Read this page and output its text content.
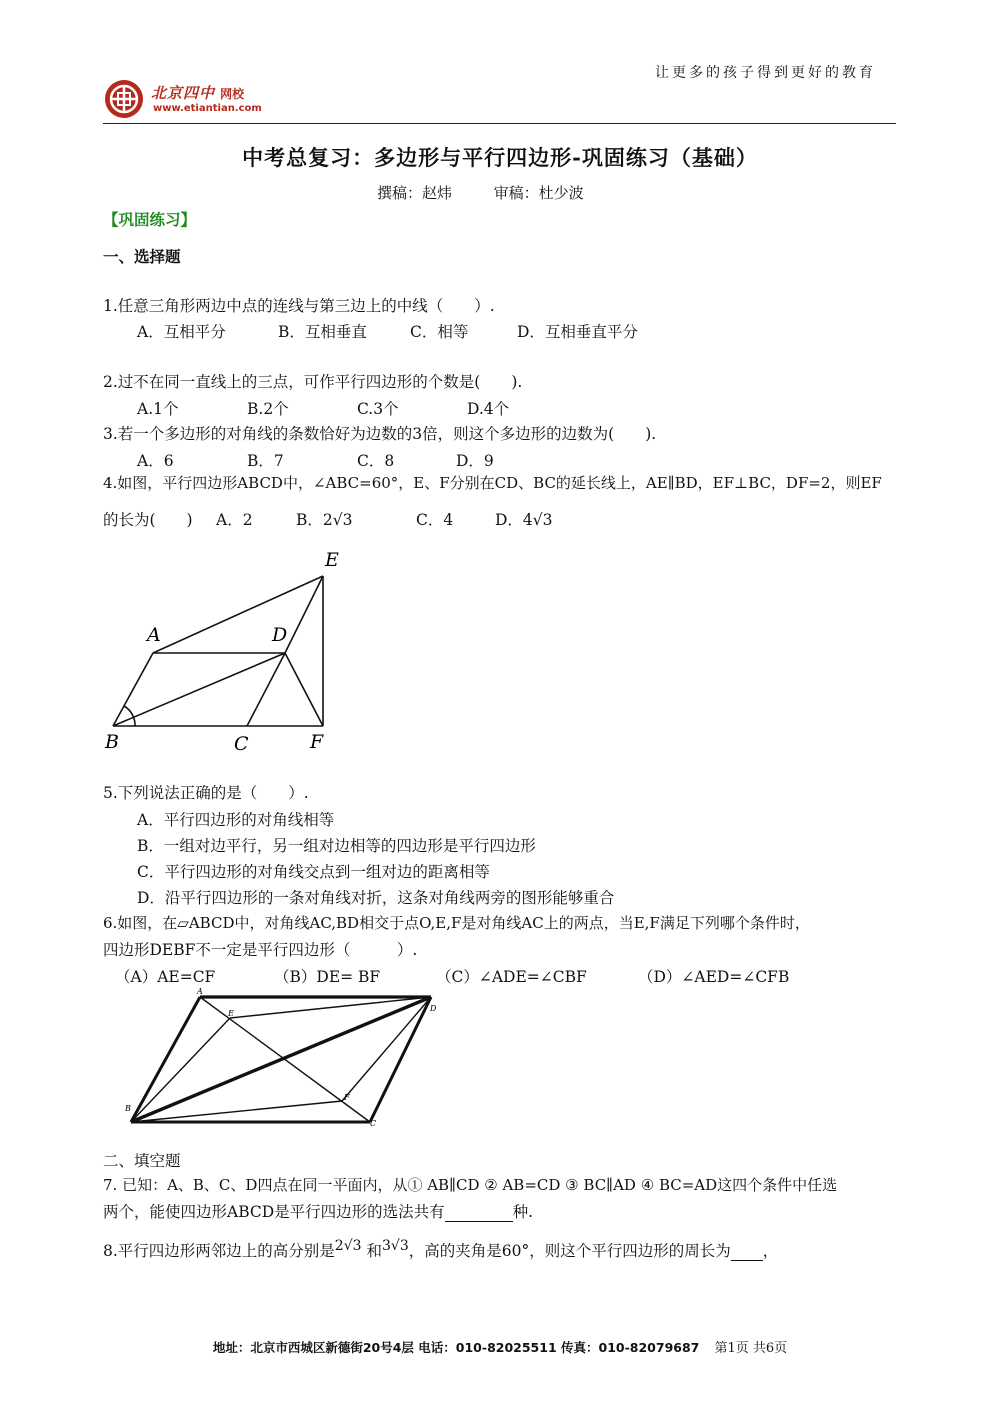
让更多的孩子得到更好的教育
北京四中 网校
www.etiantian.com
中考总复习：多边形与平行四边形-巩固练习（基础）
撰稿：赵炜	审稿：杜少波
【巩固练习】
一、选择题
1.任意三角形两边中点的连线与第三边上的中线（　　）.
A．互相平分	B．互相垂直	C．相等	D．互相垂直平分
2.过不在同一直线上的三点，可作平行四边形的个数是(　　).
A.1个	B.2个	C.3个	D.4个
3.若一个多边形的对角线的条数恰好为边数的3倍，则这个多边形的边数为(　　).
A．6	B．7	C．8	D．9
4.如图，平行四边形ABCD中，∠ABC=60°，E、F分别在CD、BC的延长线上，AE∥BD，EF⊥BC，DF=2，则EF
的长为(　　) A．2	B．2√3	C．4	D．4√3
E
A	D
B	C	F
5.下列说法正确的是（　　）.
A．平行四边形的对角线相等
B．一组对边平行，另一组对边相等的四边形是平行四边形
C．平行四边形的对角线交点到一组对边的距离相等
D．沿平行四边形的一条对角线对折，这条对角线两旁的图形能够重合
6.如图，在▱ABCD中，对角线AC,BD相交于点O,E,F是对角线AC上的两点，当E,F满足下列哪个条件时，
四边形DEBF不一定是平行四边形（　　　）.
（A）AE=CF	（B）DE= BF	（C）∠ADE=∠CBF	（D）∠AED=∠CFB
A
D
E
F
B
C
二、填空题
7. 已知：A、B、C、D四点在同一平面内，从① AB∥CD ② AB=CD ③ BC∥AD ④ BC=AD这四个条件中任选
两个，能使四边形ABCD是平行四边形的选法共有	种.
8.平行四边形两邻边上的高分别是$^{2√3}$ 和$^{3√3}$，高的夹角是60°，则这个平行四边形的周长为 ，
地址：北京市西城区新德街20号4层 电话：010-82025511 传真：010-82079687 第1页 共6页
